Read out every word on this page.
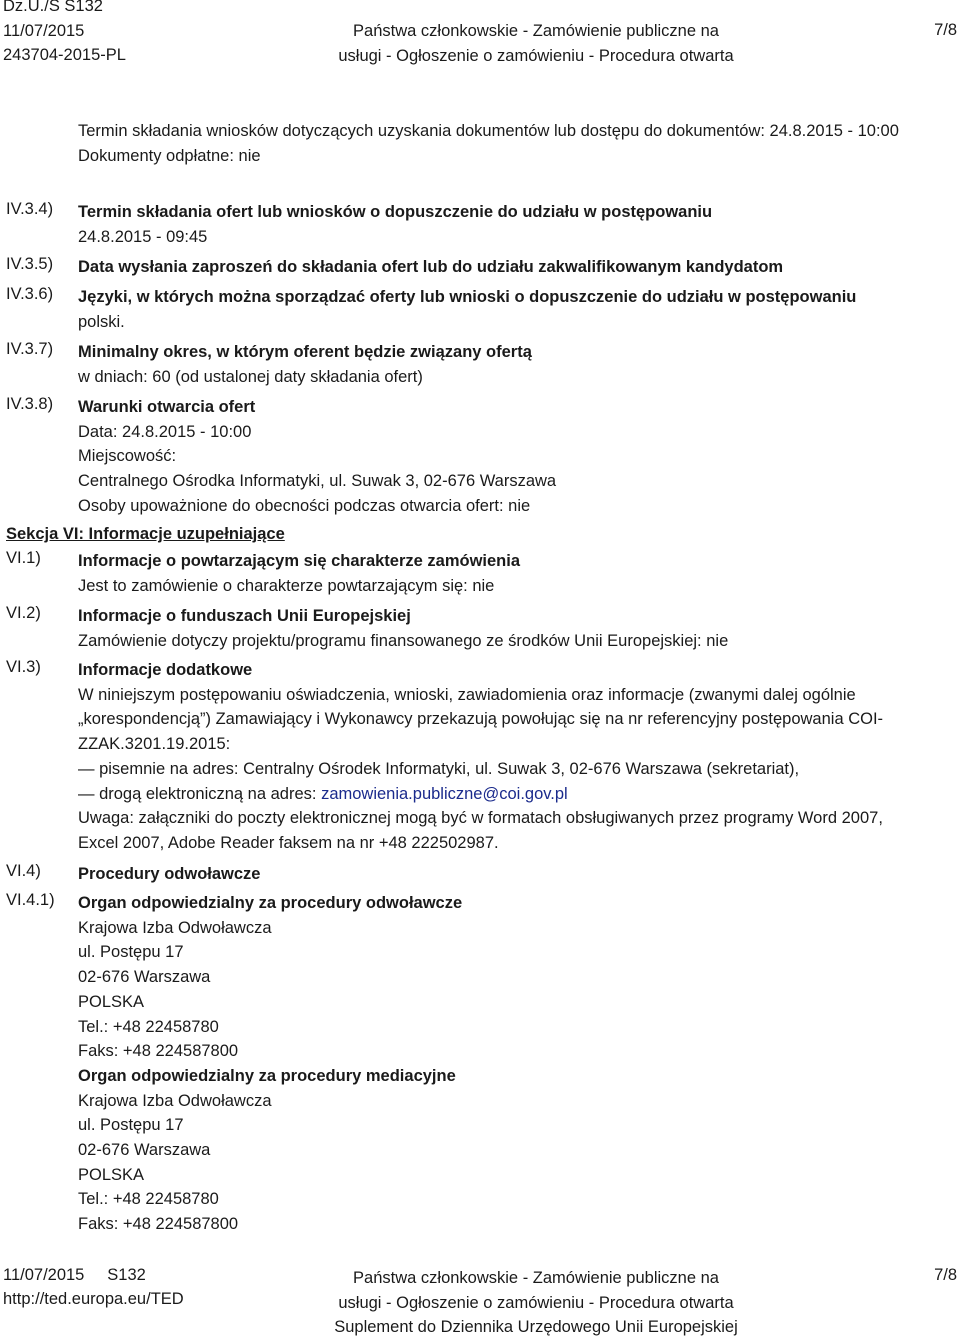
Dz.U./S S132
11/07/2015
243704-2015-PL
Państwa członkowskie - Zamówienie publiczne na
usługi - Ogłoszenie o zamówieniu - Procedura otwarta
7/8
Termin składania wniosków dotyczących uzyskania dokumentów lub dostępu do dokumentów: 24.8.2015 - 10:00
Dokumenty odpłatne: nie
IV.3.4) Termin składania ofert lub wniosków o dopuszczenie do udziału w postępowaniu
24.8.2015 - 09:45
IV.3.5) Data wysłania zaproszeń do składania ofert lub do udziału zakwalifikowanym kandydatom
IV.3.6) Języki, w których można sporządzać oferty lub wnioski o dopuszczenie do udziału w postępowaniu
polski.
IV.3.7) Minimalny okres, w którym oferent będzie związany ofertą
w dniach: 60 (od ustalonej daty składania ofert)
IV.3.8) Warunki otwarcia ofert
Data: 24.8.2015 - 10:00
Miejscowość:
Centralnego Ośrodka Informatyki, ul. Suwak 3, 02-676 Warszawa
Osoby upoważnione do obecności podczas otwarcia ofert: nie
Sekcja VI: Informacje uzupełniające
VI.1) Informacje o powtarzającym się charakterze zamówienia
Jest to zamówienie o charakterze powtarzającym się: nie
VI.2) Informacje o funduszach Unii Europejskiej
Zamówienie dotyczy projektu/programu finansowanego ze środków Unii Europejskiej: nie
VI.3) Informacje dodatkowe
W niniejszym postępowaniu oświadczenia, wnioski, zawiadomienia oraz informacje (zwanymi dalej ogólnie
„korespondencją”) Zamawiający i Wykonawcy przekazują powołując się na nr referencyjny postępowania COI-
ZZAK.3201.19.2015:
— pisemnie na adres: Centralny Ośrodek Informatyki, ul. Suwak 3, 02-676 Warszawa (sekretariat),
— drogą elektroniczną na adres: zamowienia.publiczne@coi.gov.pl
Uwaga: załączniki do poczty elektronicznej mogą być w formatach obsługiwanych przez programy Word 2007,
Excel 2007, Adobe Reader faksem na nr +48 222502987.
VI.4) Procedury odwoławcze
VI.4.1) Organ odpowiedzialny za procedury odwoławcze
Krajowa Izba Odwoławcza
ul. Postępu 17
02-676 Warszawa
POLSKA
Tel.: +48 22458780
Faks: +48 224587800
Organ odpowiedzialny za procedury mediacyjne
Krajowa Izba Odwoławcza
ul. Postępu 17
02-676 Warszawa
POLSKA
Tel.: +48 22458780
Faks: +48 224587800
11/07/2015 S132
http://ted.europa.eu/TED
Państwa członkowskie - Zamówienie publiczne na
usługi - Ogłoszenie o zamówieniu - Procedura otwarta
Suplement do Dziennika Urzędowego Unii Europejskiej
7/8
